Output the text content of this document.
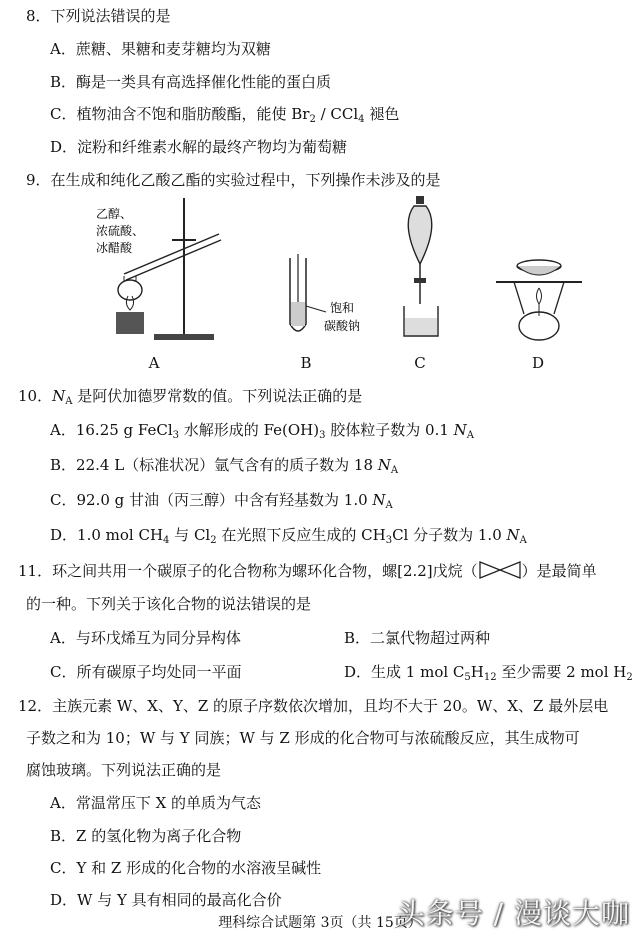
8．下列说法错误的是
A．蔗糖、果糖和麦芽糖均为双糖
B．酶是一类具有高选择催化性能的蛋白质
C．植物油含不饱和脂肪酸酯，能使 $Br_2 / CCl_4$ 褪色
D．淀粉和纤维素水解的最终产物均为葡萄糖
9．在生成和纯化乙酸乙酯的实验过程中，下列操作未涉及的是
乙醇、
浓硫酸、
冰醋酸
饱和
碳酸钠
A	B	C	D
10．$N_A$ 是阿伏加德罗常数的值。下列说法正确的是
A．16.25 g FeCl$_3$ 水解形成的 $Fe(OH)_3$ 胶体粒子数为 0.1 $N_A$
B．22.4 L（标准状况）氩气含有的质子数为 18 $N_A$
C．92.0 g 甘油（丙三醇）中含有羟基数为 1.0 $N_A$
D．1.0 mol $CH_4$ 与 $Cl_2$ 在光照下反应生成的 $CH_3Cl$ 分子数为 1.0 $N_A$
11．环之间共用一个碳原子的化合物称为螺环化合物，螺[2.2]戊烷（	）是最简单
的一种。下列关于该化合物的说法错误的是
A．与环戊烯互为同分异构体	B．二氯代物超过两种
C．所有碳原子均处同一平面	D．生成 1 mol $C_5H_{12}$ 至少需要 2 mol $H_2$
12．主族元素 W、X、Y、Z 的原子序数依次增加，且均不大于 20。W、X、Z 最外层电
子数之和为 10；W 与 Y 同族；W 与 Z 形成的化合物可与浓硫酸反应，其生成物可
腐蚀玻璃。下列说法正确的是
A．常温常压下 X 的单质为气态
B．Z 的氢化物为离子化合物
C．Y 和 Z 形成的化合物的水溶液呈碱性
D．W 与 Y 具有相同的最高化合价
理科综合试题第 3页（共 15页）
头条号 / 漫谈大咖
